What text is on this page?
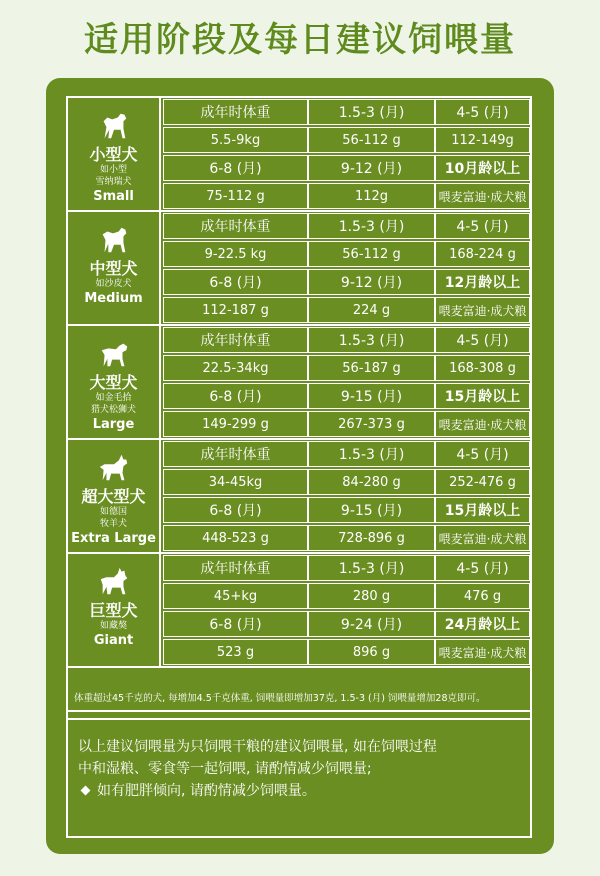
适用阶段及每日建议饲喂量
体重超过45千克的犬, 每增加4.5千克体重, 饲喂量即增加37克, 1.5-3 (月) 饲喂量增加28克即可。

以上建议饲喂量为只饲喂干粮的建议饲喂量, 如在饲喂过程

中和湿粮、零食等一起饲喂, 请酌情减少饲喂量;

如有肥胖倾向, 请酌情减少饲喂量。

小型犬
如小型
雪纳瑞犬
Small
成年时体重	1.5-3 (月)	4-5 (月)
5.5-9kg	56-112 g	112-149g
6-8 (月)	9-12 (月)	10月龄以上
75-112 g	112g	喂麦富迪·成犬粮
中型犬
如沙皮犬
Medium
成年时体重	1.5-3 (月)	4-5 (月)
9-22.5 kg	56-112 g	168-224 g
6-8 (月)	9-12 (月)	12月龄以上
112-187 g	224 g	喂麦富迪·成犬粮
大型犬
如金毛拾
猎犬松狮犬
Large
成年时体重	1.5-3 (月)	4-5 (月)
22.5-34kg	56-187 g	168-308 g
6-8 (月)	9-15 (月)	15月龄以上
149-299 g	267-373 g	喂麦富迪·成犬粮
超大型犬
如德国
牧羊犬
Extra Large
成年时体重	1.5-3 (月)	4-5 (月)
34-45kg	84-280 g	252-476 g
6-8 (月)	9-15 (月)	15月龄以上
448-523 g	728-896 g	喂麦富迪·成犬粮
巨型犬
如藏獒
Giant
成年时体重	1.5-3 (月)	4-5 (月)
45+kg	280 g	476 g
6-8 (月)	9-24 (月)	24月龄以上
523 g	896 g	喂麦富迪·成犬粮
